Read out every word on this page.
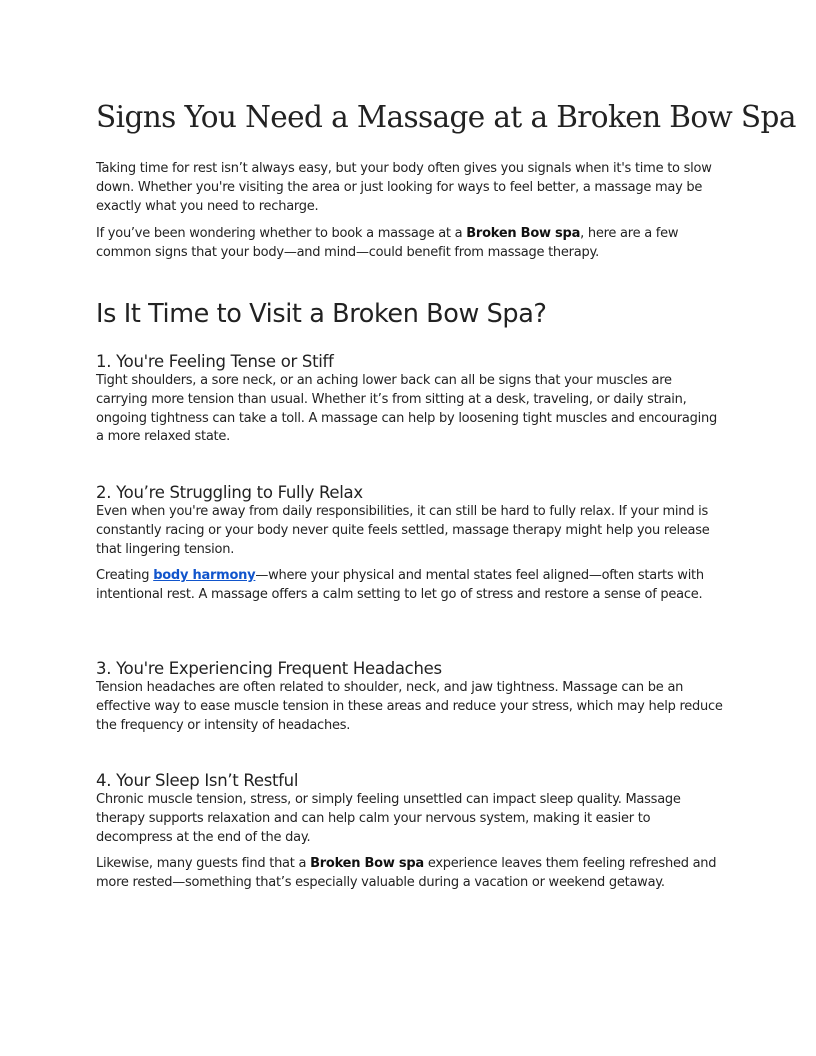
Signs You Need a Massage at a Broken Bow Spa

Taking time for rest isn’t always easy, but your body often gives you signals when it's time to slow down. Whether you're visiting the area or just looking for ways to feel better, a massage may be exactly what you need to recharge.

If you’ve been wondering whether to book a massage at a Broken Bow spa, here are a few common signs that your body—and mind—could benefit from massage therapy.

Is It Time to Visit a Broken Bow Spa?
1. You're Feeling Tense or Stiff

Tight shoulders, a sore neck, or an aching lower back can all be signs that your muscles are carrying more tension than usual. Whether it’s from sitting at a desk, traveling, or daily strain, ongoing tightness can take a toll. A massage can help by loosening tight muscles and encouraging a more relaxed state.

2. You’re Struggling to Fully Relax

Even when you're away from daily responsibilities, it can still be hard to fully relax. If your mind is constantly racing or your body never quite feels settled, massage therapy might help you release that lingering tension.

Creating body harmony—where your physical and mental states feel aligned—often starts with intentional rest. A massage offers a calm setting to let go of stress and restore a sense of peace.

3. You're Experiencing Frequent Headaches

Tension headaches are often related to shoulder, neck, and jaw tightness. Massage can be an effective way to ease muscle tension in these areas and reduce your stress, which may help reduce the frequency or intensity of headaches.

4. Your Sleep Isn’t Restful

Chronic muscle tension, stress, or simply feeling unsettled can impact sleep quality. Massage therapy supports relaxation and can help calm your nervous system, making it easier to decompress at the end of the day.

Likewise, many guests find that a Broken Bow spa experience leaves them feeling refreshed and more rested—something that’s especially valuable during a vacation or weekend getaway.
